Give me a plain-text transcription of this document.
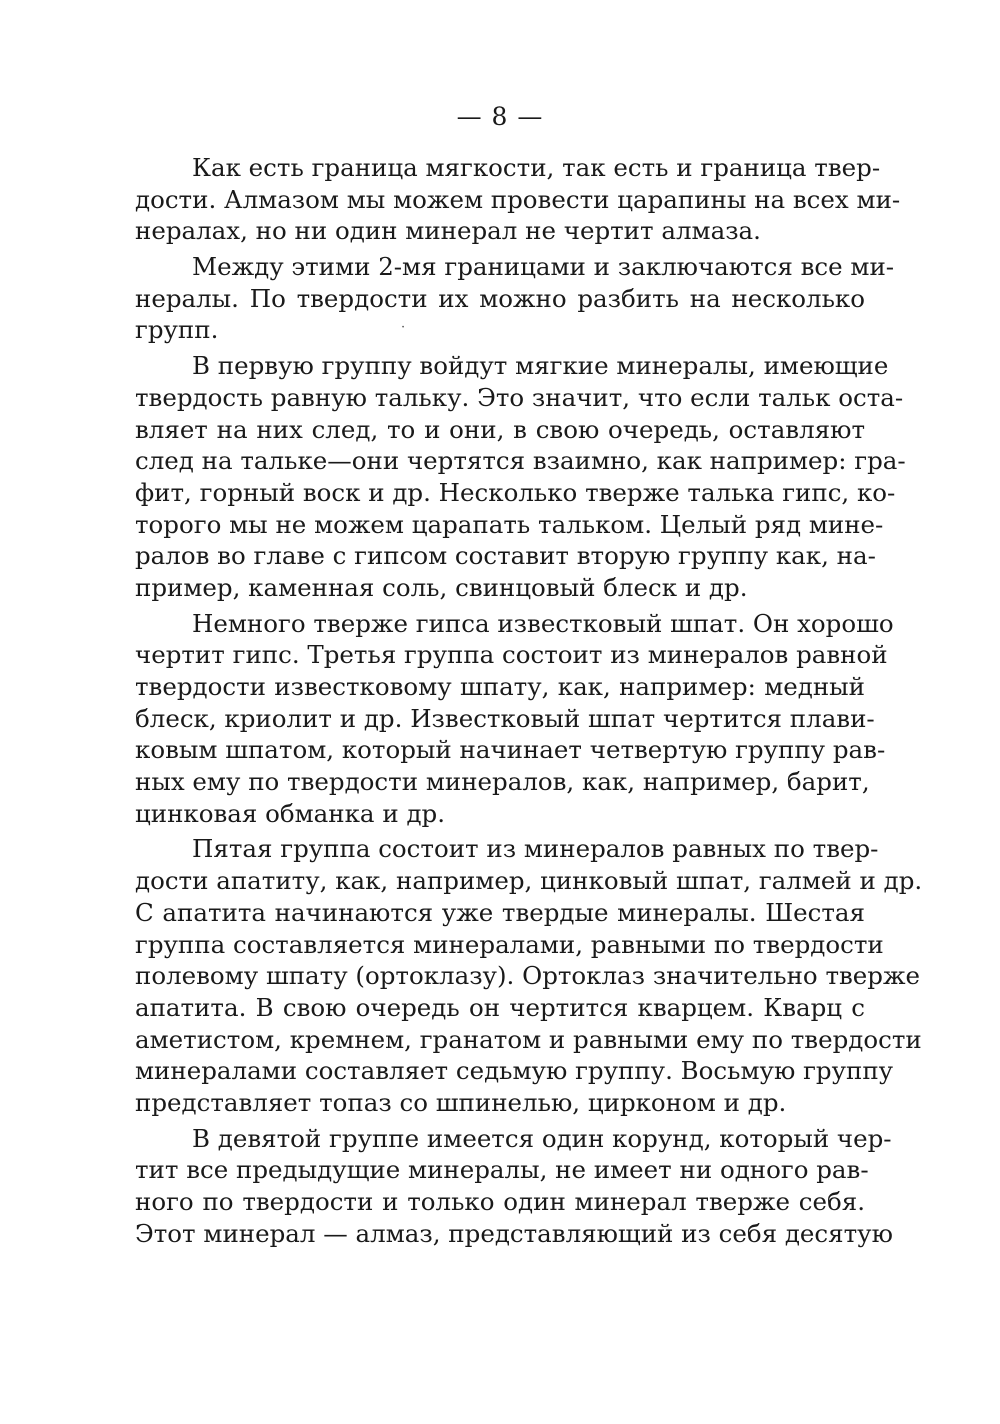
— 8 —
·
Как есть граница мягкости, так есть и граница твер-
дости. Алмазом мы можем провести царапины на всех ми-
нералах, но ни один минерал не чертит алмаза.
Между этими 2-мя границами и заключаются все ми-
нералы. По твердости их можно разбить на несколько
групп.
В первую группу войдут мягкие минералы, имеющие
твердость равную тальку. Это значит, что если тальк остa-
вляет на них след, то и они, в свою очередь, оставляют
след на тальке—они чертятся взаимно, как например: гра-
фит, горный воск и др. Несколько тверже талька гипс, ко-
торого мы не можем царапать тальком. Целый ряд мине-
ралов во главе с гипсом составит вторую группу как, на-
пример, каменная соль, свинцовый блеск и др.
Немного тверже гипса известковый шпат. Он хорошо
чертит гипс. Третья группа состоит из минералов равной
твердости известковому шпату, как, например: медный
блеск, криолит и др. Известковый шпат чертится плави-
ковым шпатом, который начинает четвертую группу рав-
ных ему по твердости минералов, как, например, барит,
цинковая обманка и др.
Пятая группа состоит из минералов равных по твер-
дости апатиту, как, например, цинковый шпат, галмей и др.
С апатита начинаются уже твердые минералы. Шестая
группа составляется минералами, равными по твердости
полевому шпату (ортоклазу). Ортоклаз значительно тверже
апатита. В свою очередь он чертится кварцем. Кварц с
аметистом, кремнем, гранатом и равными ему по твердости
минералами составляет седьмую группу. Восьмую группу
представляет топаз со шпинелью, цирконом и др.
В девятой группе имеется один корунд, который чер-
тит все предыдущие минералы, не имеет ни одного рав-
ного по твердости и только один минерал тверже себя.
Этот минерал — алмаз, представляющий из себя десятую
